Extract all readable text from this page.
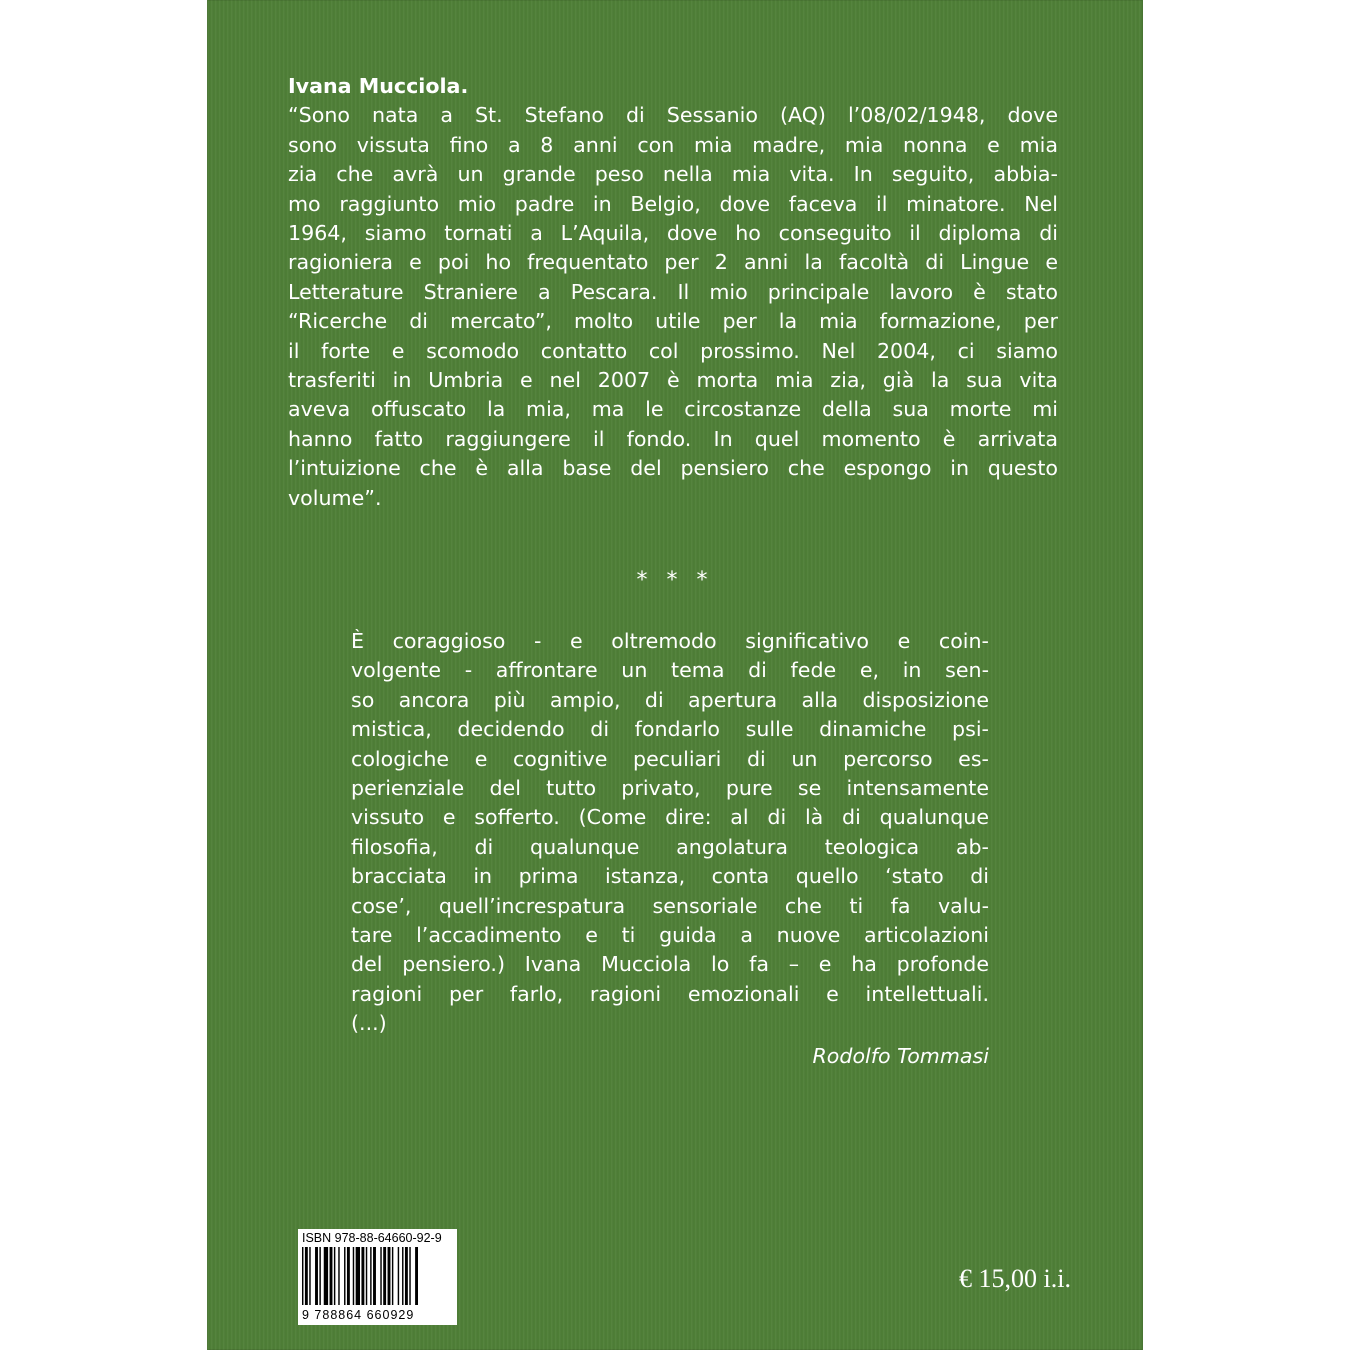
Ivana Mucciola.
“Sono nata a St. Stefano di Sessanio (AQ) l’08/02/1948, dove
sono vissuta fino a 8 anni con mia madre, mia nonna e mia
zia che avrà un grande peso nella mia vita. In seguito, abbia-
mo raggiunto mio padre in Belgio, dove faceva il minatore. Nel
1964, siamo tornati a L’Aquila, dove ho conseguito il diploma di
ragioniera e poi ho frequentato per 2 anni la facoltà di Lingue e
Letterature Straniere a Pescara. Il mio principale lavoro è stato
“Ricerche di mercato”, molto utile per la mia formazione, per
il forte e scomodo contatto col prossimo. Nel 2004, ci siamo
trasferiti in Umbria e nel 2007 è morta mia zia, già la sua vita
aveva offuscato la mia, ma le circostanze della sua morte mi
hanno fatto raggiungere il fondo. In quel momento è arrivata
l’intuizione che è alla base del pensiero che espongo in questo
volume”.
* * *
È coraggioso - e oltremodo significativo e coin-
volgente - affrontare un tema di fede e, in sen-
so ancora più ampio, di apertura alla disposizione
mistica, decidendo di fondarlo sulle dinamiche psi-
cologiche e cognitive peculiari di un percorso es-
perienziale del tutto privato, pure se intensamente
vissuto e sofferto. (Come dire: al di là di qualunque
filosofia, di qualunque angolatura teologica ab-
bracciata in prima istanza, conta quello ‘stato di
cose’, quell’increspatura sensoriale che ti fa valu-
tare l’accadimento e ti guida a nuove articolazioni
del pensiero.) Ivana Mucciola lo fa – e ha profonde
ragioni per farlo, ragioni emozionali e intellettuali.
(...)
Rodolfo Tommasi
ISBN 978-88-64660-92-9
9 788864 660929
€ 15,00 i.i.
